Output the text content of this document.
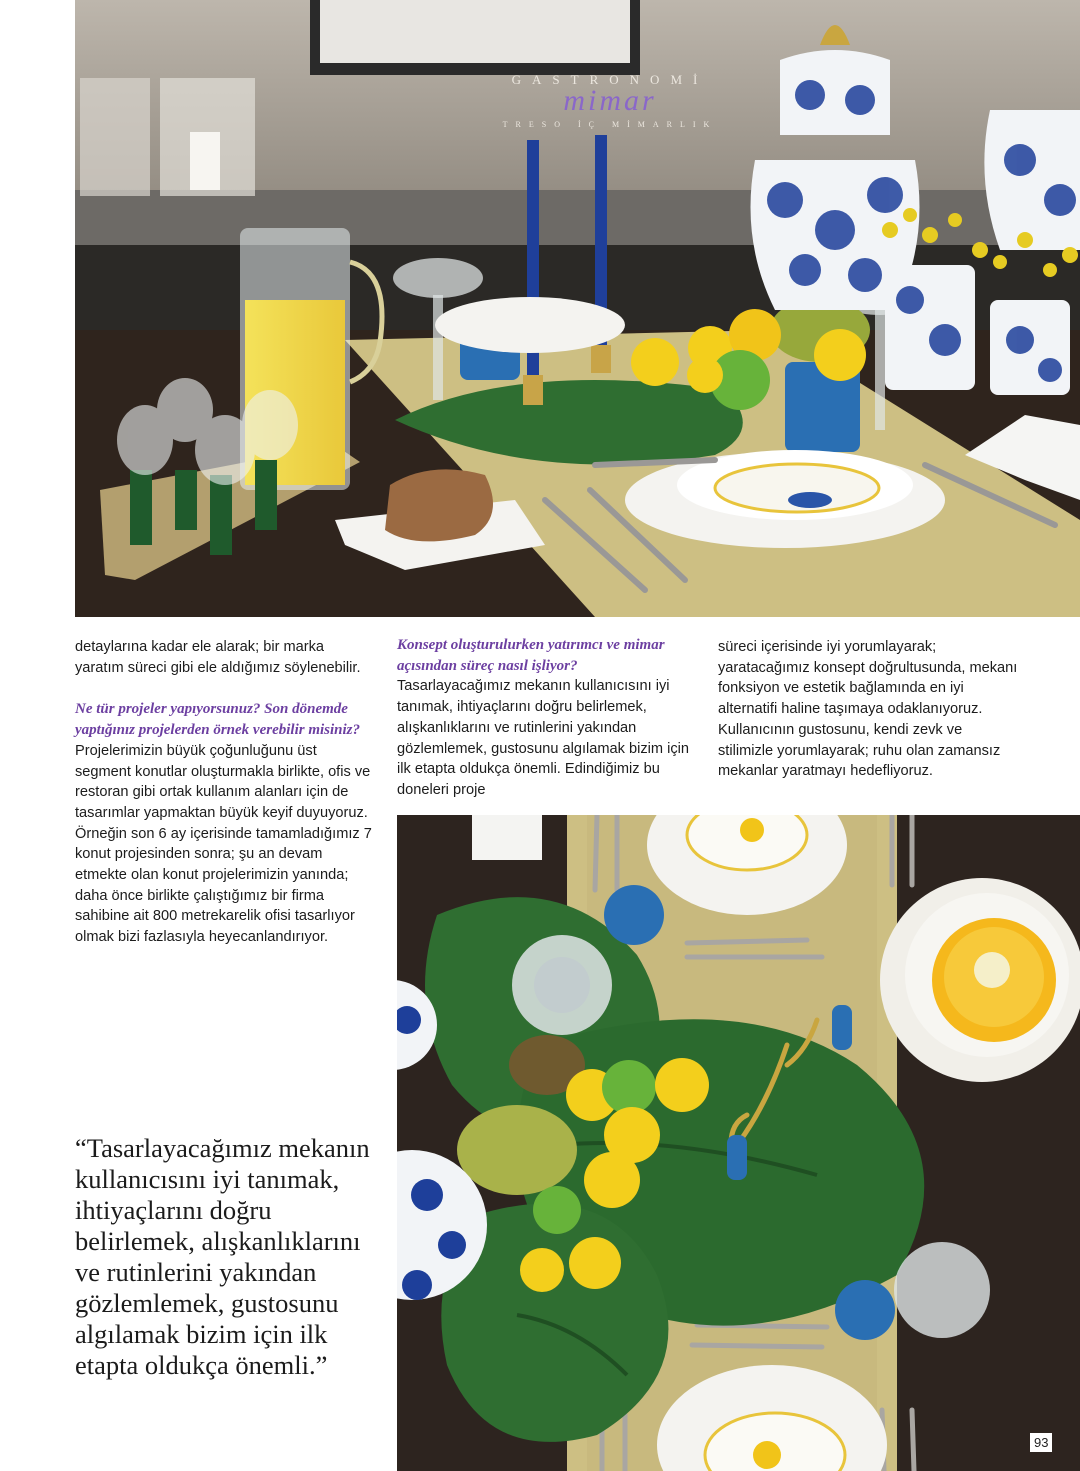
GASTRONOMİ
mimar
TRESO İÇ MİMARLIK

detaylarına kadar ele alarak; bir marka yaratım süreci gibi ele aldığımız söylenebilir.

Ne tür projeler yapıyorsunuz? Son dönemde yaptığınız projelerden örnek verebilir misiniz?

Projelerimizin büyük çoğunluğunu üst segment konutlar oluşturmakla birlikte, ofis ve restoran gibi ortak kullanım alanları için de tasarımlar yapmaktan büyük keyif duyuyoruz. Örneğin son 6 ay içerisinde tamamladığımız 7 konut projesinden sonra; şu an devam etmekte olan konut projelerimizin yanında; daha önce birlikte çalıştığımız bir firma sahibine ait 800 metrekarelik ofisi tasarlıyor olmak bizi fazlasıyla heyecanlandırıyor.

Konsept oluşturulurken yatırımcı ve mimar açısından süreç nasıl işliyor?

Tasarlayacağımız mekanın kullanıcısını iyi tanımak, ihtiyaçlarını doğru belirlemek, alışkanlıklarını ve rutinlerini yakından gözlemlemek, gustosunu algılamak bizim için ilk etapta oldukça önemli. Edindiğimiz bu doneleri proje

süreci içerisinde iyi yorumlayarak; yaratacağımız konsept doğrultusunda, mekanı fonksiyon ve estetik bağlamında en iyi alternatifi haline taşımaya odaklanıyoruz. Kullanıcının gustosunu, kendi zevk ve stilimizle yorumlayarak; ruhu olan zamansız mekanlar yaratmayı hedefliyoruz.

“Tasarlayacağımız mekanın kullanıcısını iyi tanımak, ihtiyaçlarını doğru belirlemek, alışkanlıklarını ve rutinlerini yakından gözlemlemek, gustosunu algılamak bizim için ilk etapta oldukça önemli.”

93
